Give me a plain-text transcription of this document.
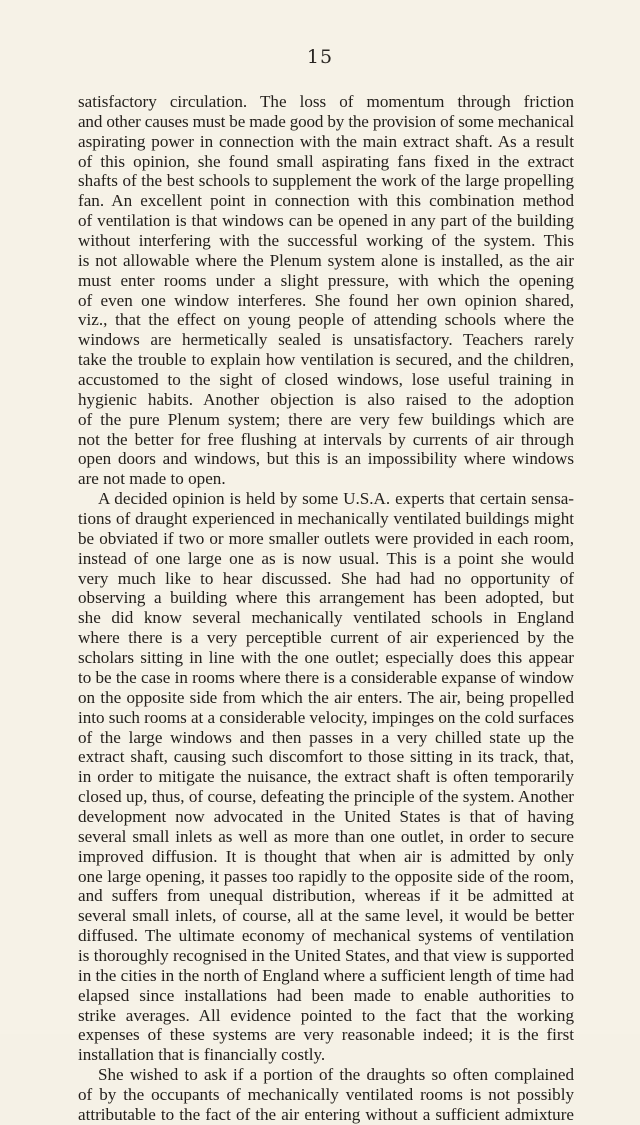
15
satisfactory circulation. The loss of momentum through friction
and other causes must be made good by the provision of some mechanical
aspirating power in connection with the main extract shaft. As a result
of this opinion, she found small aspirating fans fixed in the extract
shafts of the best schools to supplement the work of the large propelling
fan. An excellent point in connection with this combination method
of ventilation is that windows can be opened in any part of the building
without interfering with the successful working of the system. This
is not allowable where the Plenum system alone is installed, as the air
must enter rooms under a slight pressure, with which the opening
of even one window interferes. She found her own opinion shared,
viz., that the effect on young people of attending schools where the
windows are hermetically sealed is unsatisfactory. Teachers rarely
take the trouble to explain how ventilation is secured, and the children,
accustomed to the sight of closed windows, lose useful training in
hygienic habits. Another objection is also raised to the adoption
of the pure Plenum system; there are very few buildings which are
not the better for free flushing at intervals by currents of air through
open doors and windows, but this is an impossibility where windows
are not made to open.
A decided opinion is held by some U.S.A. experts that certain sensa-
tions of draught experienced in mechanically ventilated buildings might
be obviated if two or more smaller outlets were provided in each room,
instead of one large one as is now usual. This is a point she would
very much like to hear discussed. She had had no opportunity of
observing a building where this arrangement has been adopted, but
she did know several mechanically ventilated schools in England
where there is a very perceptible current of air experienced by the
scholars sitting in line with the one outlet; especially does this appear
to be the case in rooms where there is a considerable expanse of window
on the opposite side from which the air enters. The air, being propelled
into such rooms at a considerable velocity, impinges on the cold surfaces
of the large windows and then passes in a very chilled state up the
extract shaft, causing such discomfort to those sitting in its track, that,
in order to mitigate the nuisance, the extract shaft is often temporarily
closed up, thus, of course, defeating the principle of the system. Another
development now advocated in the United States is that of having
several small inlets as well as more than one outlet, in order to secure
improved diffusion. It is thought that when air is admitted by only
one large opening, it passes too rapidly to the opposite side of the room,
and suffers from unequal distribution, whereas if it be admitted at
several small inlets, of course, all at the same level, it would be better
diffused. The ultimate economy of mechanical systems of ventilation
is thoroughly recognised in the United States, and that view is supported
in the cities in the north of England where a sufficient length of time had
elapsed since installations had been made to enable authorities to
strike averages. All evidence pointed to the fact that the working
expenses of these systems are very reasonable indeed; it is the first
installation that is financially costly.
She wished to ask if a portion of the draughts so often complained
of by the occupants of mechanically ventilated rooms is not possibly
attributable to the fact of the air entering without a sufficient admixture
